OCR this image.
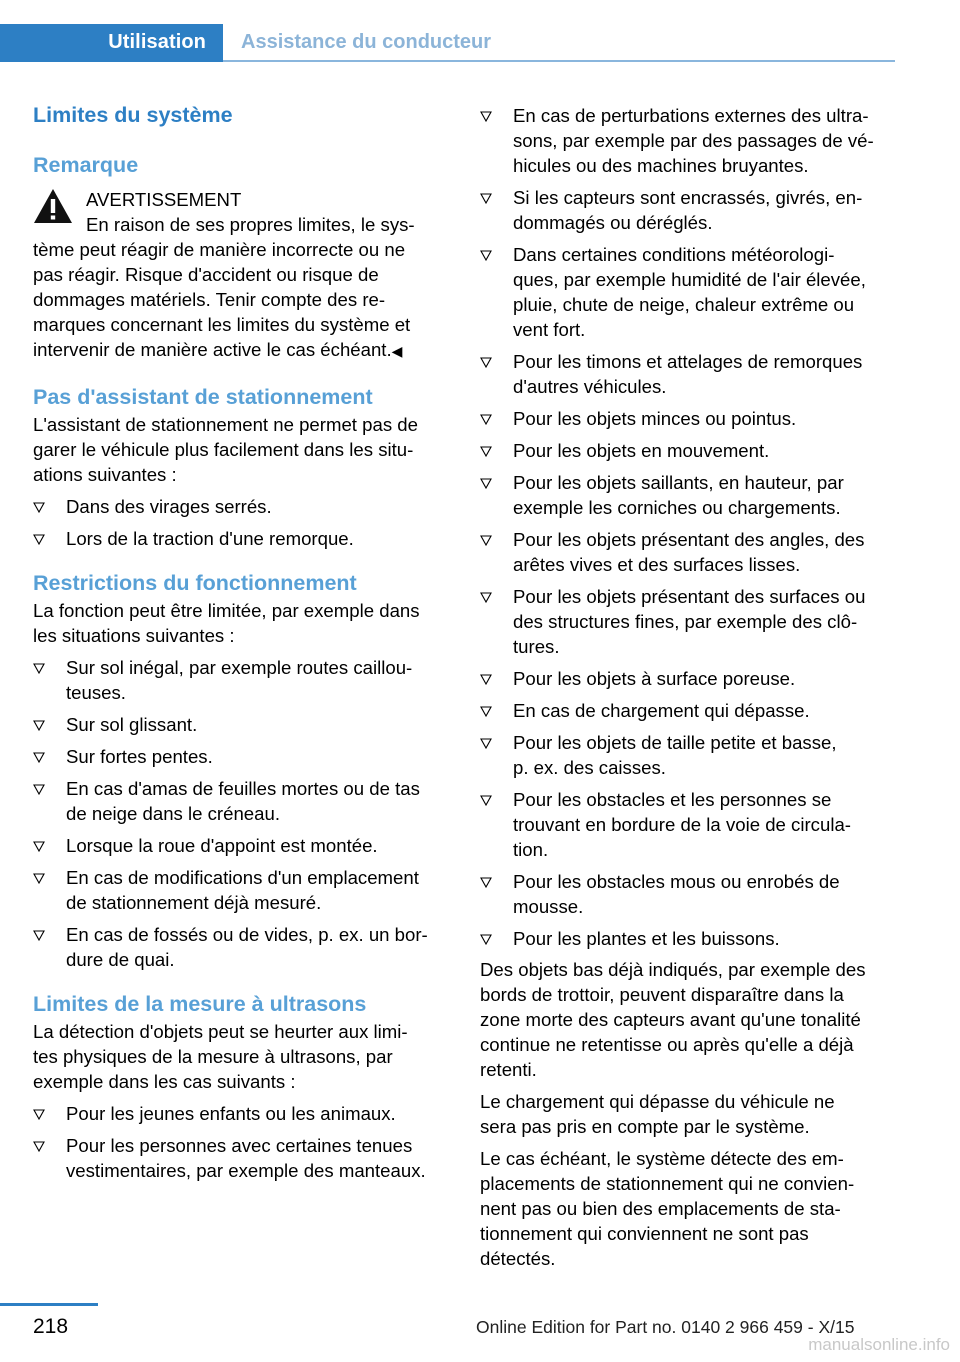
Utilisation Assistance du conducteur
Limites du système
Remarque
AVERTISSEMENT
En raison de ses propres limites, le sys‐
tème peut réagir de manière incorrecte ou ne
pas réagir. Risque d'accident ou risque de
dommages matériels. Tenir compte des re‐
marques concernant les limites du système et
intervenir de manière active le cas échéant.◀
Pas d'assistant de stationnement
L'assistant de stationnement ne permet pas de
garer le véhicule plus facilement dans les situ‐
ations suivantes :
Dans des virages serrés.
Lors de la traction d'une remorque.
Restrictions du fonctionnement
La fonction peut être limitée, par exemple dans
les situations suivantes :
Sur sol inégal, par exemple routes caillou‐
teuses.
Sur sol glissant.
Sur fortes pentes.
En cas d'amas de feuilles mortes ou de tas
de neige dans le créneau.
Lorsque la roue d'appoint est montée.
En cas de modifications d'un emplacement
de stationnement déjà mesuré.
En cas de fossés ou de vides, p. ex. un bor‐
dure de quai.
Limites de la mesure à ultrasons
La détection d'objets peut se heurter aux limi‐
tes physiques de la mesure à ultrasons, par
exemple dans les cas suivants :
Pour les jeunes enfants ou les animaux.
Pour les personnes avec certaines tenues
vestimentaires, par exemple des manteaux.
En cas de perturbations externes des ultra‐
sons, par exemple par des passages de vé‐
hicules ou des machines bruyantes.
Si les capteurs sont encrassés, givrés, en‐
dommagés ou déréglés.
Dans certaines conditions météorologi‐
ques, par exemple humidité de l'air élevée,
pluie, chute de neige, chaleur extrême ou
vent fort.
Pour les timons et attelages de remorques
d'autres véhicules.
Pour les objets minces ou pointus.
Pour les objets en mouvement.
Pour les objets saillants, en hauteur, par
exemple les corniches ou chargements.
Pour les objets présentant des angles, des
arêtes vives et des surfaces lisses.
Pour les objets présentant des surfaces ou
des structures fines, par exemple des clô‐
tures.
Pour les objets à surface poreuse.
En cas de chargement qui dépasse.
Pour les objets de taille petite et basse,
p. ex. des caisses.
Pour les obstacles et les personnes se
trouvant en bordure de la voie de circula‐
tion.
Pour les obstacles mous ou enrobés de
mousse.
Pour les plantes et les buissons.
Des objets bas déjà indiqués, par exemple des
bords de trottoir, peuvent disparaître dans la
zone morte des capteurs avant qu'une tonalité
continue ne retentisse ou après qu'elle a déjà
retenti.
Le chargement qui dépasse du véhicule ne
sera pas pris en compte par le système.
Le cas échéant, le système détecte des em‐
placements de stationnement qui ne convien‐
nent pas ou bien des emplacements de sta‐
tionnement qui conviennent ne sont pas
détectés.
218	Online Edition for Part no. 0140 2 966 459 - X/15
manualsonline.info
